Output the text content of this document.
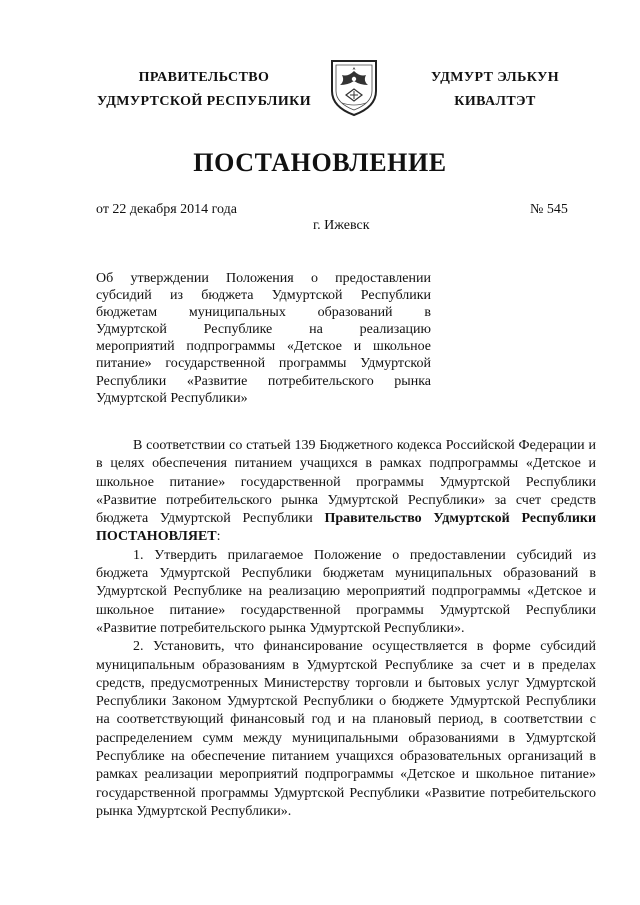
ПРАВИТЕЛЬСТВО
УДМУРТСКОЙ РЕСПУБЛИКИ
УДМУРТ ЭЛЬКУН
КИВАЛТЭТ
ПОСТАНОВЛЕНИЕ
от 22 декабря 2014 года	№ 545
г. Ижевск
Об утверждении Положения о предоставлении
субсидий из бюджета Удмуртской Республики
бюджетам муниципальных образований в
Удмуртской Республике на реализацию
мероприятий подпрограммы «Детское и школьное
питание» государственной программы Удмуртской
Республики «Развитие потребительского рынка
Удмуртской Республики»

В соответствии со статьей 139 Бюджетного кодекса Российской Федерации и в целях обеспечения питанием учащихся в рамках подпрограммы «Детское и школьное питание» государственной программы Удмуртской Республики «Развитие потребительского рынка Удмуртской Республики» за счет средств бюджета Удмуртской Республики Правительство Удмуртской Республики ПОСТАНОВЛЯЕТ:

1. Утвердить прилагаемое Положение о предоставлении субсидий из бюджета Удмуртской Республики бюджетам муниципальных образований в Удмуртской Республике на реализацию мероприятий подпрограммы «Детское и школьное питание» государственной программы Удмуртской Республики «Развитие потребительского рынка Удмуртской Республики».

2. Установить, что финансирование осуществляется в форме субсидий муниципальным образованиям в Удмуртской Республике за счет и в пределах средств, предусмотренных Министерству торговли и бытовых услуг Удмуртской Республики Законом Удмуртской Республики о бюджете Удмуртской Республики на соответствующий финансовый год и на плановый период, в соответствии с распределением сумм между муниципальными образованиями в Удмуртской Республике на обеспечение питанием учащихся образовательных организаций в рамках реализации мероприятий подпрограммы «Детское и школьное питание» государственной программы Удмуртской Республики «Развитие потребительского рынка Удмуртской Республики».
